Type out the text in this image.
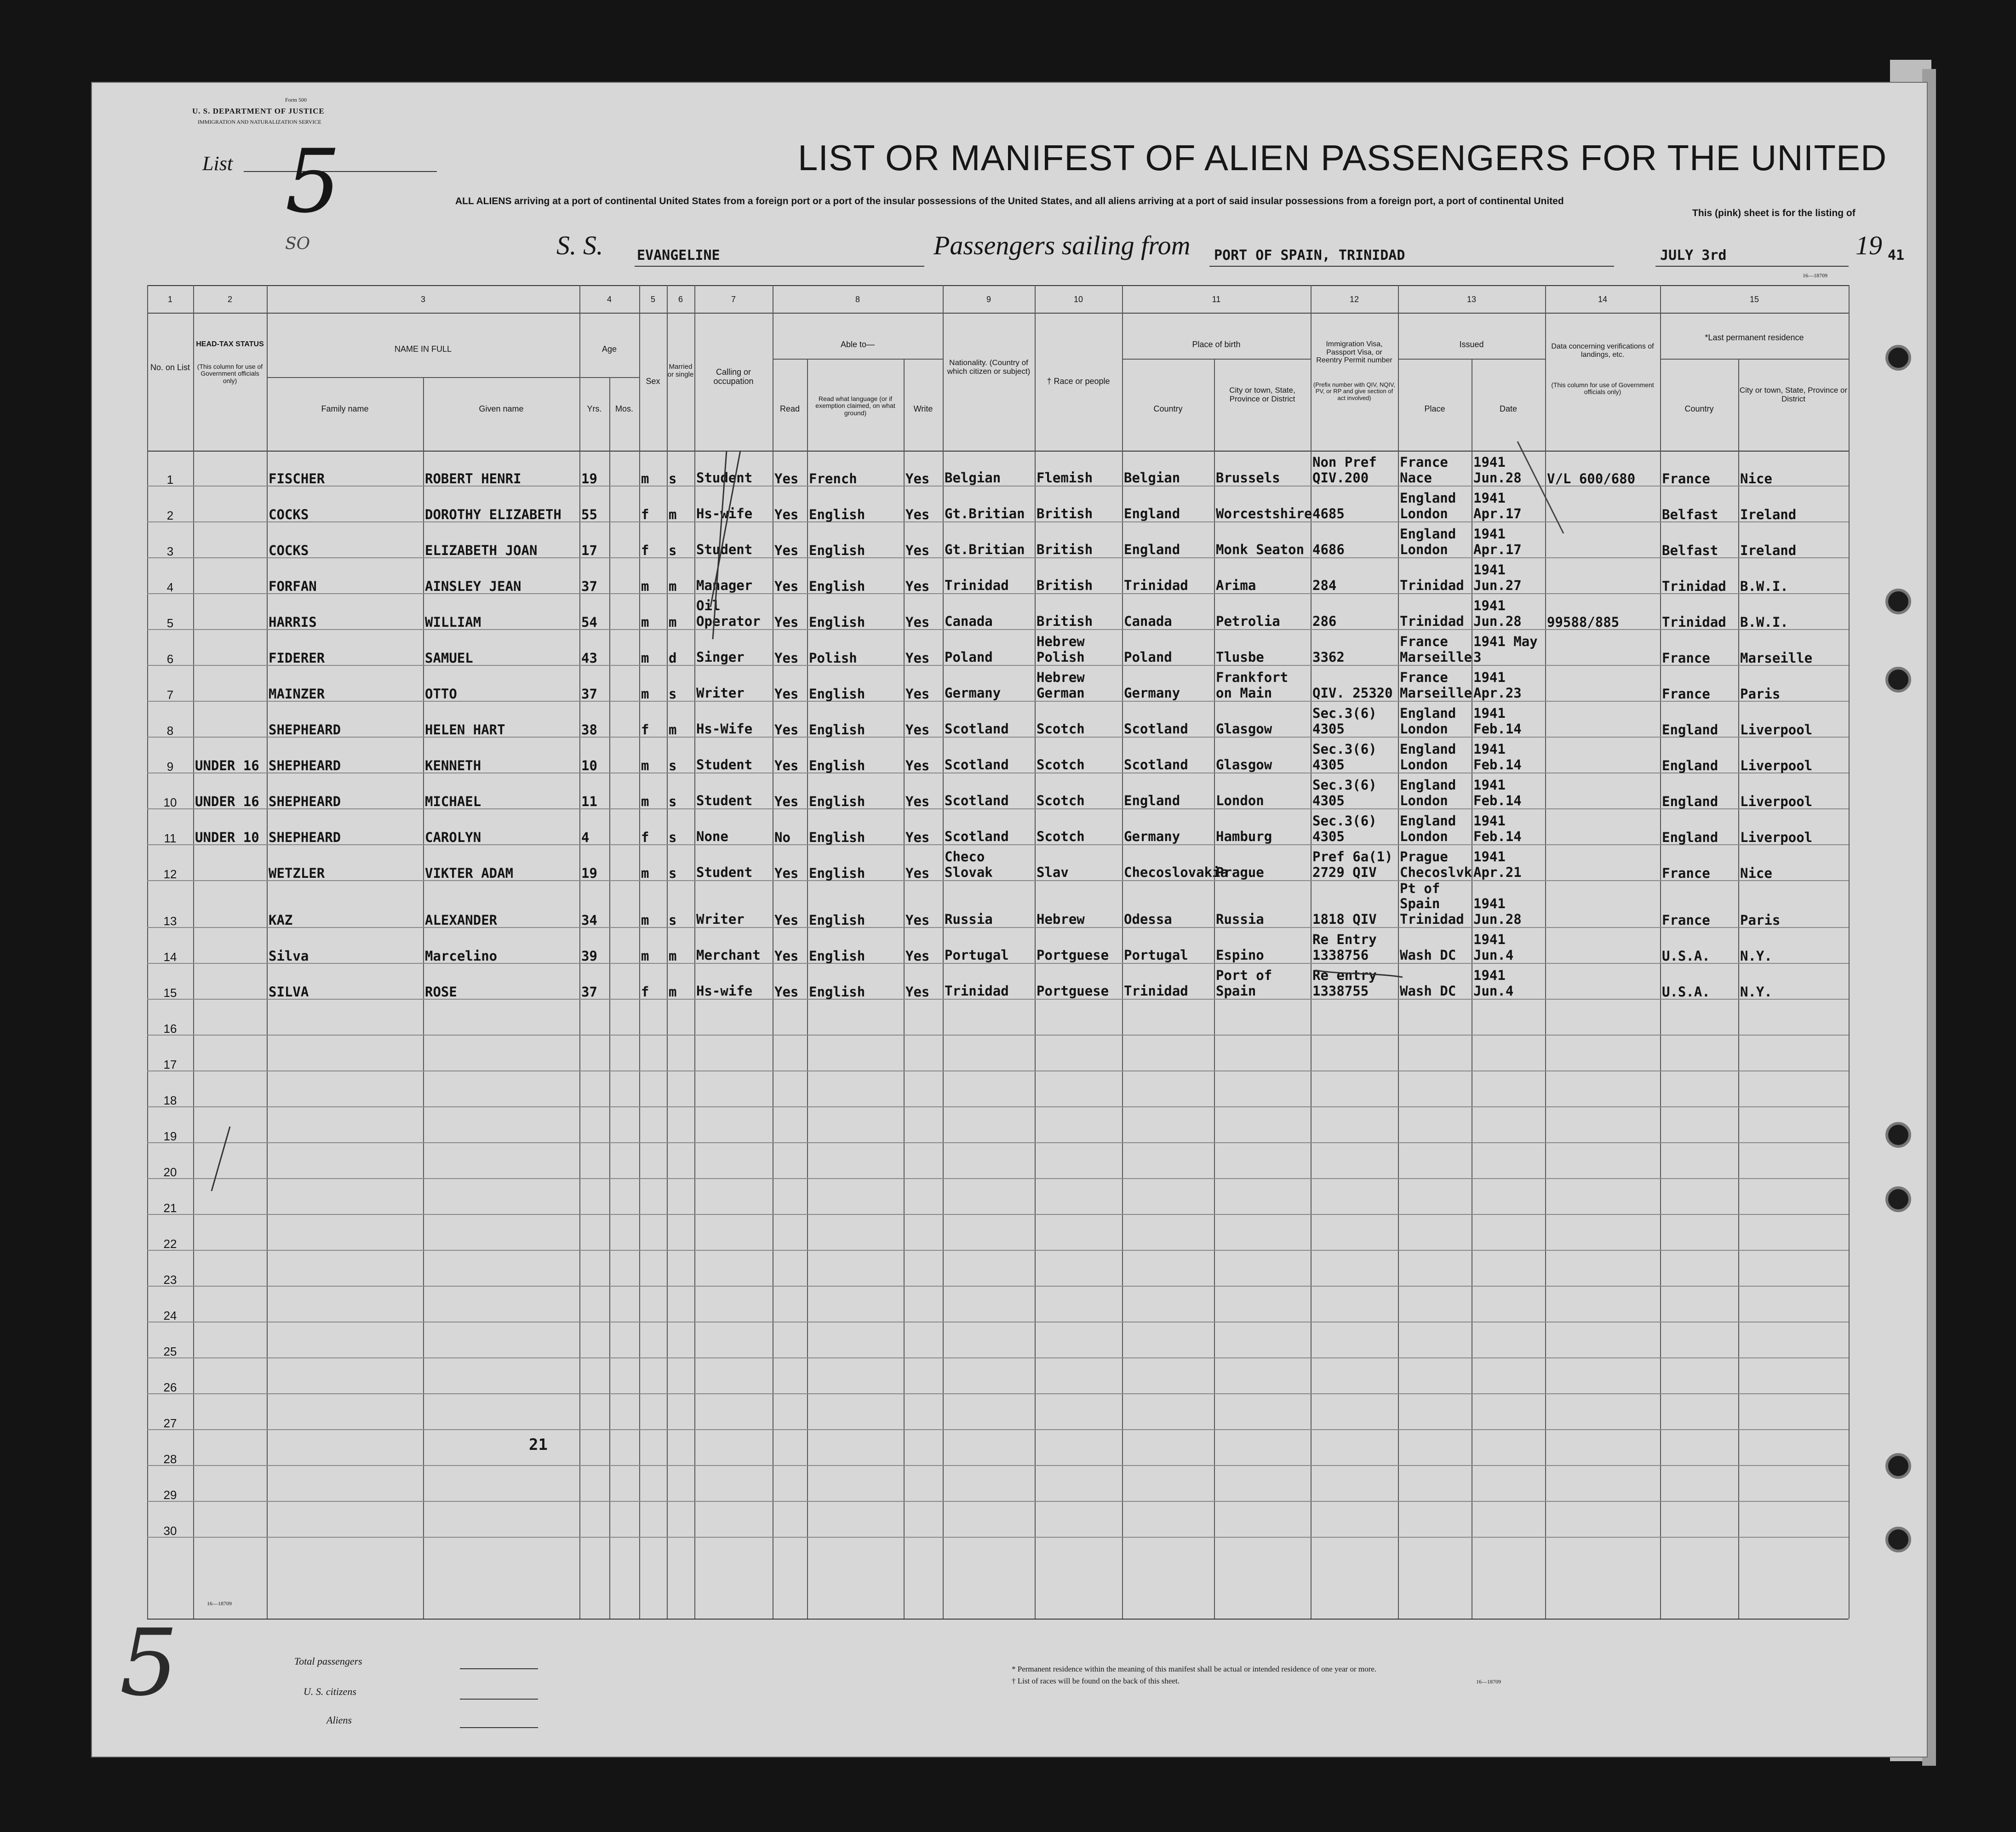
Form 500
U. S. DEPARTMENT OF JUSTICE
IMMIGRATION AND NATURALIZATION SERVICE
List 5
SO
LIST OR MANIFEST OF ALIEN PASSENGERS FOR THE UNITED
ALL ALIENS arriving at a port of continental United States from a foreign port or a port of the insular possessions of the United States, and all aliens arriving at a port of said insular possessions from a foreign port, a port of continental United
This (pink) sheet is for the listing of
S. S. EVANGELINE	Passengers sailing from PORT OF SPAIN, TRINIDAD	JULY 3rd	19 41
16—18709
1	2	3	4	5	6	7	8	9	10	11	12	13	14	15
No. on List
HEAD-TAX STATUS
(This column for use of Government officials only)
NAME IN FULL
Family name	Given name
Age
Yrs.	Mos.
Sex
Married or single	Calling or occupation
Able to—
Read
Read what language (or if exemption claimed, on what ground)	Write
Nationality. (Country of which citizen or subject)
† Race or people
Place of birth
Country
City or town, State, Province or District
Immigration Visa, Passport Visa, or Reentry Permit number
(Prefix number with QIV, NQIV, PV, or RP and give section of act involved)
Issued
Place	Date
Data concerning verifications of landings, etc.
(This column for use of Government officials only)
*Last permanent residence
Country
City or town, State, Province or District
1		FISCHER	ROBERT HENRI	19		m	s	Student	Yes	French	Yes	Belgian	Flemish	Belgian	Brussels	Non Pref QIV.200	France Nace	1941 Jun.28	V/L 600/680	France	Nice
2		COCKS	DOROTHY ELIZABETH	55		f	m	Hs-wife	Yes	English	Yes	Gt.Britian	British	England	Worcestshire	4685	England London	1941 Apr.17		Belfast	Ireland
3		COCKS	ELIZABETH JOAN	17		f	s	Student	Yes	English	Yes	Gt.Britian	British	England	Monk Seaton	4686	England London	1941 Apr.17		Belfast	Ireland
4		FORFAN	AINSLEY JEAN	37		m	m	Manager	Yes	English	Yes	Trinidad	British	Trinidad	Arima	284	Trinidad	1941 Jun.27		Trinidad	B.W.I.
5		HARRIS	WILLIAM	54		m	m	Oil Operator	Yes	English	Yes	Canada	British	Canada	Petrolia	286	Trinidad	1941 Jun.28	99588/885	Trinidad	B.W.I.
6		FIDERER	SAMUEL	43		m	d	Singer	Yes	Polish	Yes	Poland	Hebrew Polish	Poland	Tlusbe	3362	France Marseille	1941 May 3		France	Marseille
7		MAINZER	OTTO	37		m	s	Writer	Yes	English	Yes	Germany	Hebrew German	Germany	Frankfort on Main	QIV. 25320	France Marseille	1941 Apr.23		France	Paris
8		SHEPHEARD	HELEN HART	38		f	m	Hs-Wife	Yes	English	Yes	Scotland	Scotch	Scotland	Glasgow	Sec.3(6) 4305	England London	1941 Feb.14		England	Liverpool
9	UNDER 16	SHEPHEARD	KENNETH	10		m	s	Student	Yes	English	Yes	Scotland	Scotch	Scotland	Glasgow	Sec.3(6) 4305	England London	1941 Feb.14		England	Liverpool
10	UNDER 16	SHEPHEARD	MICHAEL	11		m	s	Student	Yes	English	Yes	Scotland	Scotch	England	London	Sec.3(6) 4305	England London	1941 Feb.14		England	Liverpool
11	UNDER 10	SHEPHEARD	CAROLYN	4		f	s	None	No	English	Yes	Scotland	Scotch	Germany	Hamburg	Sec.3(6) 4305	England London	1941 Feb.14		England	Liverpool
12		WETZLER	VIKTER ADAM	19		m	s	Student	Yes	English	Yes	Checo Slovak	Slav	Checoslovakia	Prague	Pref 6a(1) 2729 QIV	Prague Checoslvk	1941 Apr.21		France	Nice
13		KAZ	ALEXANDER	34		m	s	Writer	Yes	English	Yes	Russia	Hebrew	Odessa	Russia	1818 QIV	Pt of Spain Trinidad	1941 Jun.28		France	Paris
14		Silva	Marcelino	39		m	m	Merchant	Yes	English	Yes	Portugal	Portguese	Portugal	Espino	Re Entry 1338756	Wash DC	1941 Jun.4		U.S.A.	N.Y.
15		SILVA	ROSE	37		f	m	Hs-wife	Yes	English	Yes	Trinidad	Portguese	Trinidad	Port of Spain	Re entry 1338755	Wash DC	1941 Jun.4		U.S.A.	N.Y.
16																					
17																					
18																					
19																					
20																					
21																					
22																					
23																					
24																					
25																					
26																					
27																					
28																					
29																					
30																					
16—18709
21
Total passengers
U. S. citizens
Aliens
* Permanent residence within the meaning of this manifest shall be actual or intended residence of one year or more.
† List of races will be found on the back of this sheet.	16—18709
5
